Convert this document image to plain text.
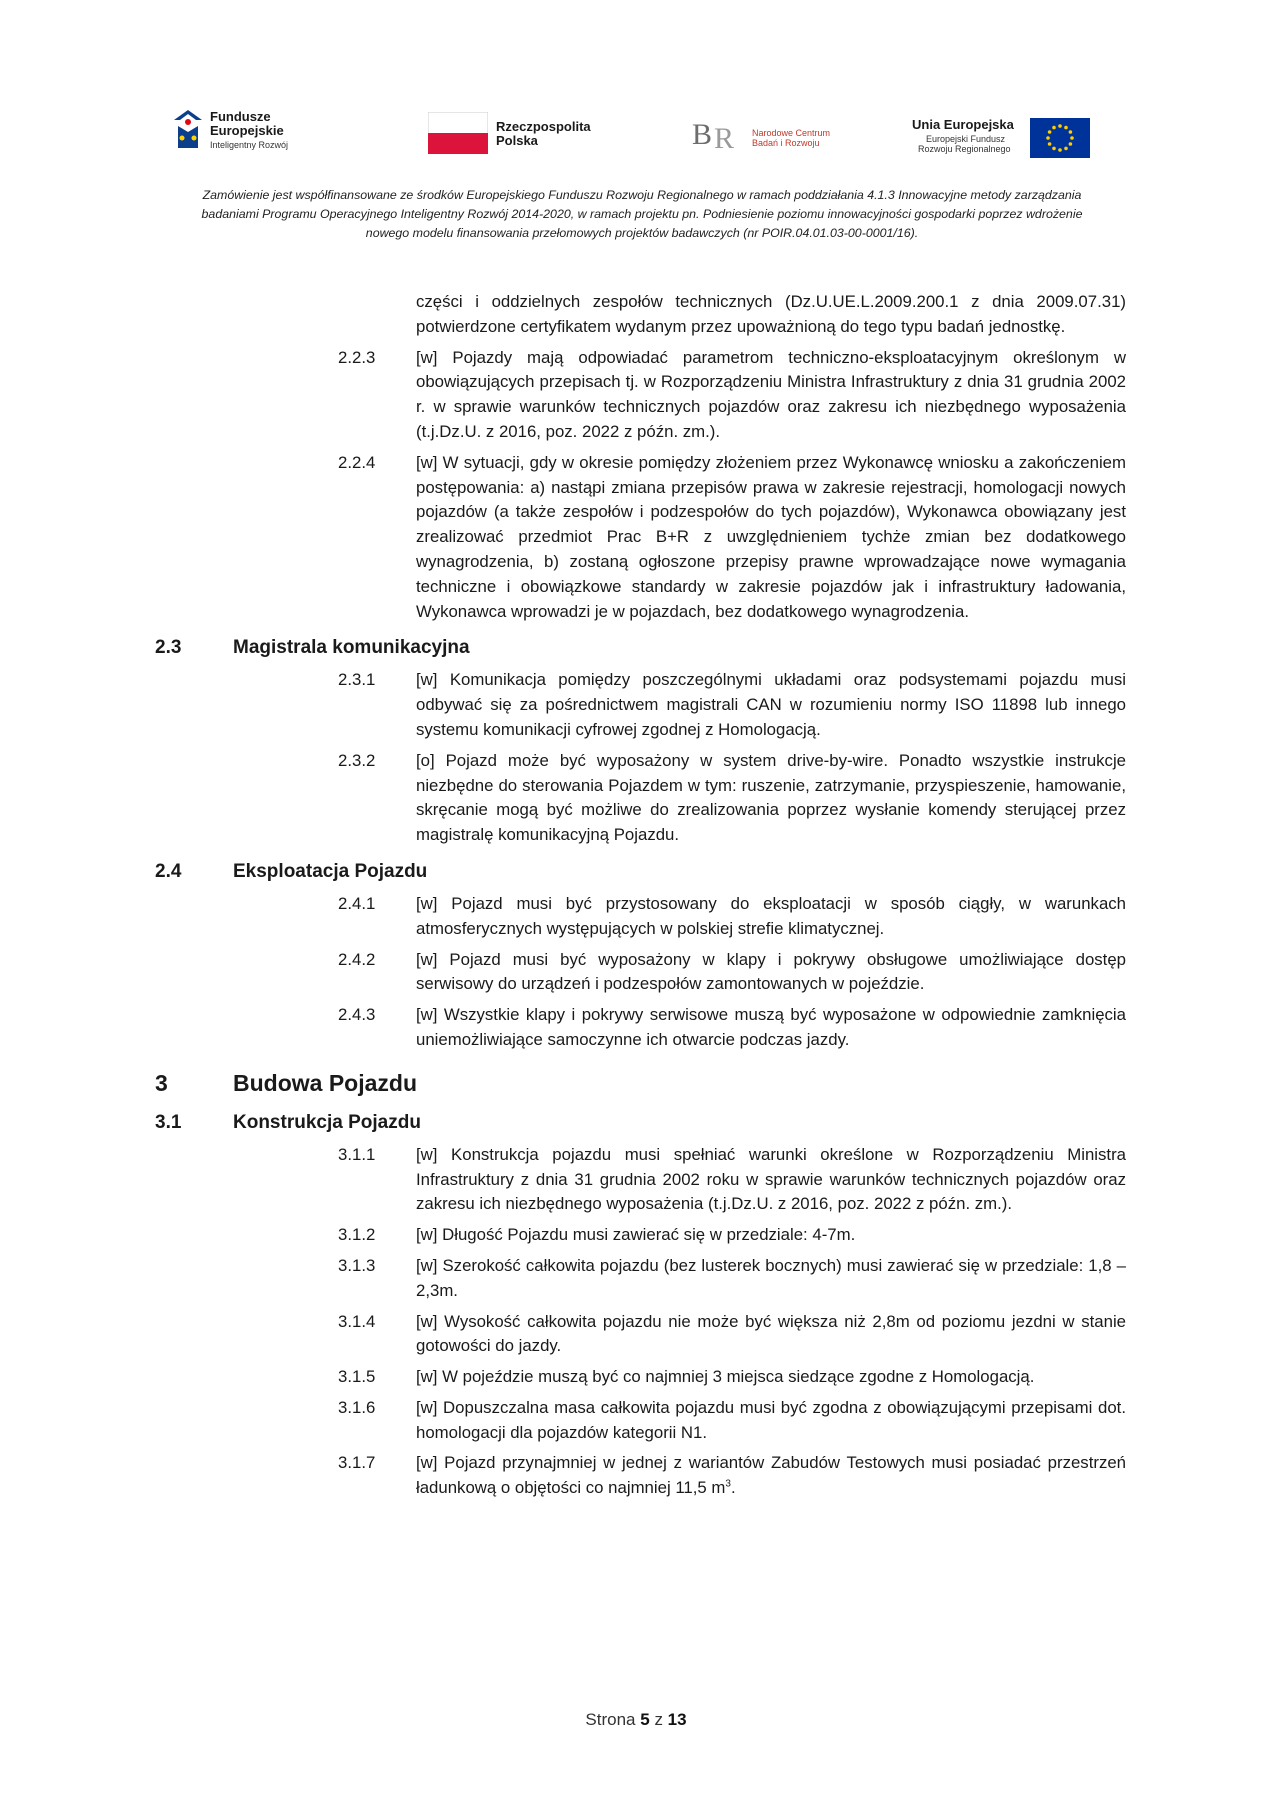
Fundusze
Europejskie
Inteligentny Rozwój
Rzeczpospolita
Polska	B R Narodowe Centrum
Badań i Rozwoju
Unia Europejska
Europejski Fundusz
Rozwoju Regionalnego
Zamówienie jest współfinansowane ze środków Europejskiego Funduszu Rozwoju Regionalnego w ramach poddziałania 4.1.3 Innowacyjne metody zarządzania badaniami Programu Operacyjnego Inteligentny Rozwój 2014-2020, w ramach projektu pn. Podniesienie poziomu innowacyjności gospodarki poprzez wdrożenie nowego modelu finansowania przełomowych projektów badawczych (nr POIR.04.01.03-00-0001/16).
części i oddzielnych zespołów technicznych (Dz.U.UE.L.2009.200.1 z dnia 2009.07.31) potwierdzone certyfikatem wydanym przez upoważnioną do tego typu badań jednostkę.
2.2.3 [w] Pojazdy mają odpowiadać parametrom techniczno-eksploatacyjnym określonym w obowiązujących przepisach tj. w Rozporządzeniu Ministra Infrastruktury z dnia 31 grudnia 2002 r. w sprawie warunków technicznych pojazdów oraz zakresu ich niezbędnego wyposażenia (t.j.Dz.U. z 2016, poz. 2022 z późn. zm.).
2.2.4 [w] W sytuacji, gdy w okresie pomiędzy złożeniem przez Wykonawcę wniosku a zakończeniem postępowania: a) nastąpi zmiana przepisów prawa w zakresie rejestracji, homologacji nowych pojazdów (a także zespołów i podzespołów do tych pojazdów), Wykonawca obowiązany jest zrealizować przedmiot Prac B+R z uwzględnieniem tychże zmian bez dodatkowego wynagrodzenia, b) zostaną ogłoszone przepisy prawne wprowadzające nowe wymagania techniczne i obowiązkowe standardy w zakresie pojazdów jak i infrastruktury ładowania, Wykonawca wprowadzi je w pojazdach, bez dodatkowego wynagrodzenia.
2.3	Magistrala komunikacyjna
2.3.1 [w] Komunikacja pomiędzy poszczególnymi układami oraz podsystemami pojazdu musi odbywać się za pośrednictwem magistrali CAN w rozumieniu normy ISO 11898 lub innego systemu komunikacji cyfrowej zgodnej z Homologacją.
2.3.2 [o] Pojazd może być wyposażony w system drive-by-wire. Ponadto wszystkie instrukcje niezbędne do sterowania Pojazdem w tym: ruszenie, zatrzymanie, przyspieszenie, hamowanie, skręcanie mogą być możliwe do zrealizowania poprzez wysłanie komendy sterującej przez magistralę komunikacyjną Pojazdu.
2.4	Eksploatacja Pojazdu
2.4.1 [w] Pojazd musi być przystosowany do eksploatacji w sposób ciągły, w warunkach atmosferycznych występujących w polskiej strefie klimatycznej.
2.4.2 [w] Pojazd musi być wyposażony w klapy i pokrywy obsługowe umożliwiające dostęp serwisowy do urządzeń i podzespołów zamontowanych w pojeździe.
2.4.3 [w] Wszystkie klapy i pokrywy serwisowe muszą być wyposażone w odpowiednie zamknięcia uniemożliwiające samoczynne ich otwarcie podczas jazdy.
3	Budowa Pojazdu
3.1	Konstrukcja Pojazdu
3.1.1 [w] Konstrukcja pojazdu musi spełniać warunki określone w Rozporządzeniu Ministra Infrastruktury z dnia 31 grudnia 2002 roku w sprawie warunków technicznych pojazdów oraz zakresu ich niezbędnego wyposażenia (t.j.Dz.U. z 2016, poz. 2022 z późn. zm.).
3.1.2 [w] Długość Pojazdu musi zawierać się w przedziale: 4-7m.
3.1.3 [w] Szerokość całkowita pojazdu (bez lusterek bocznych) musi zawierać się w przedziale: 1,8 – 2,3m.
3.1.4 [w] Wysokość całkowita pojazdu nie może być większa niż 2,8m od poziomu jezdni w stanie gotowości do jazdy.
3.1.5 [w] W pojeździe muszą być co najmniej 3 miejsca siedzące zgodne z Homologacją.
3.1.6 [w] Dopuszczalna masa całkowita pojazdu musi być zgodna z obowiązującymi przepisami dot. homologacji dla pojazdów kategorii N1.
3.1.7 [w] Pojazd przynajmniej w jednej z wariantów Zabudów Testowych musi posiadać przestrzeń ładunkową o objętości co najmniej 11,5 $m^3$.
Strona 5 z 13
